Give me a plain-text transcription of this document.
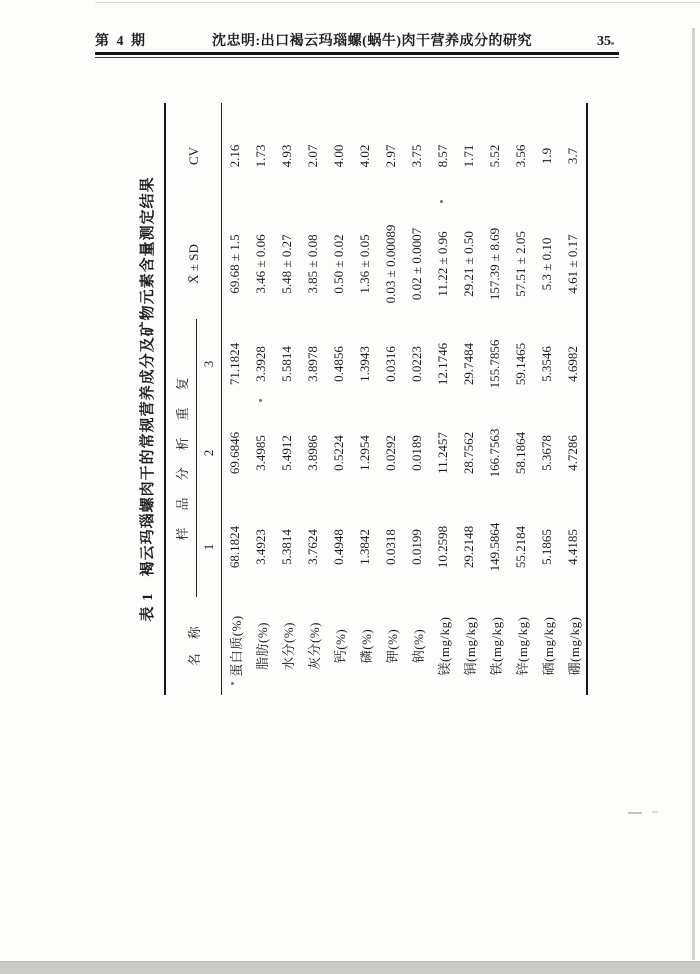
第 4 期	沈忠明:出口褐云玛瑙螺(蜗牛)肉干营养成分的研究	35
表 1　褐云玛瑙螺肉干的常规营养成分及矿物元素含量测定结果
名　称	样　品　分　析　重　复			X̄ ± SD	CV
	1	2	3		
蛋白质(%)	68.1824	69.6846	71.1824	69.68 ± 1.5	2.16
脂肪(%)	3.4923	3.4985	3.3928	3.46 ± 0.06	1.73
水分(%)	5.3814	5.4912	5.5814	5.48 ± 0.27	4.93
灰分(%)	3.7624	3.8986	3.8978	3.85 ± 0.08	2.07
钙(%)	0.4948	0.5224	0.4856	0.50 ± 0.02	4.00
磷(%)	1.3842	1.2954	1.3943	1.36 ± 0.05	4.02
钾(%)	0.0318	0.0292	0.0316	0.03 ± 0.00089	2.97
钠(%)	0.0199	0.0189	0.0223	0.02 ± 0.0007	3.75
镁(mg/kg)	10.2598	11.2457	12.1746	11.22 ± 0.96	8.57
铜(mg/kg)	29.2148	28.7562	29.7484	29.21 ± 0.50	1.71
铁(mg/kg)	149.5864	166.7563	155.7856	157.39 ± 8.69	5.52
锌(mg/kg)	55.2184	58.1864	59.1465	57.51 ± 2.05	3.56
硒(mg/kg)	5.1865	5.3678	5.3546	5.3 ± 0.10	1.9
硼(mg/kg)	4.4185	4.7286	4.6982	4.61 ± 0.17	3.7
